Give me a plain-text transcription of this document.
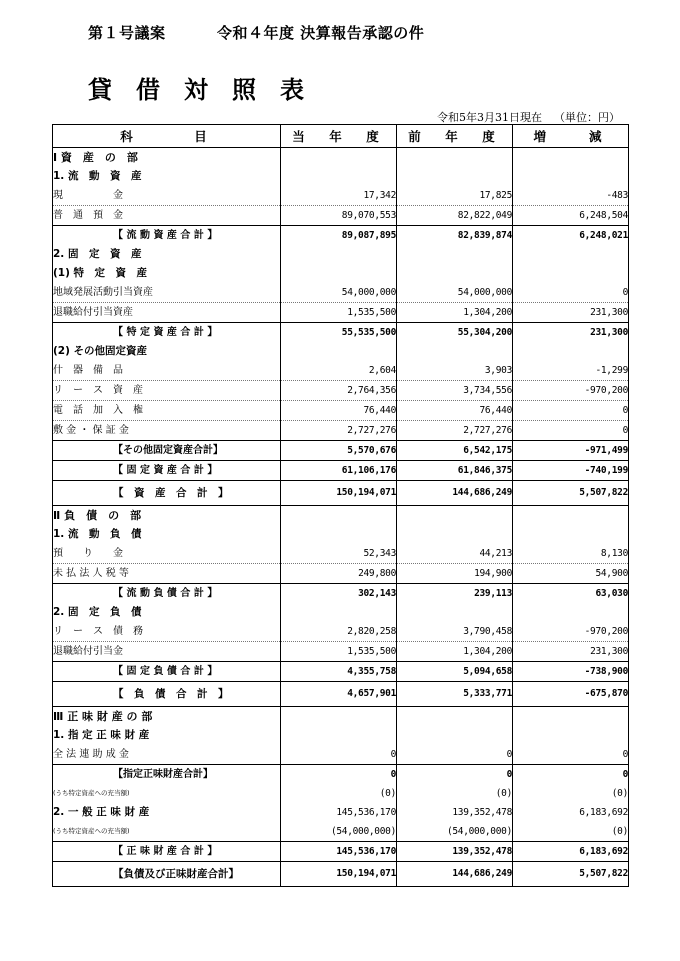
第１号議案	令和４年度 決算報告承認の件
貸 借 対 照 表
令和5年3月31日現在 （単位：円）
科　　　目	当　年　度	前　年　度	増　　減
Ⅰ 資　産　の　部			
1. 流　動　資　産			
現　　　　　金	17,342	17,825	-483
普　通　預　金	89,070,553	82,822,049	6,248,504
【 流 動 資 産 合 計 】	89,087,895	82,839,874	6,248,021
2. 固　定　資　産			
(1) 特　定　資　産			
地域発展活動引当資産	54,000,000	54,000,000	0
退職給付引当資産	1,535,500	1,304,200	231,300
【 特 定 資 産 合 計 】	55,535,500	55,304,200	231,300
(2) その他固定資産			
什　器　備　品	2,604	3,903	-1,299
リ　ー　ス　資　産	2,764,356	3,734,556	-970,200
電　話　加　入　権	76,440	76,440	0
敷 金 ・ 保 証 金	2,727,276	2,727,276	0
【その他固定資産合計】	5,570,676	6,542,175	-971,499
【 固 定 資 産 合 計 】	61,106,176	61,846,375	-740,199
【　資　産　合　計　】	150,194,071	144,686,249	5,507,822
Ⅱ 負　債　の　部			
1. 流　動　負　債			
預　　り　　金	52,343	44,213	8,130
未 払 法 人 税 等	249,800	194,900	54,900
【 流 動 負 債 合 計 】	302,143	239,113	63,030
2. 固　定　負　債			
リ　ー　ス　債　務	2,820,258	3,790,458	-970,200
退職給付引当金	1,535,500	1,304,200	231,300
【 固 定 負 債 合 計 】	4,355,758	5,094,658	-738,900
【　負　債　合　計　】	4,657,901	5,333,771	-675,870
Ⅲ 正 味 財 産 の 部			
1. 指 定 正 味 財 産			
全 法 連 助 成 金	0	0	0
【指定正味財産合計】	0	0	0
(うち特定資産への充当額)	(0)	(0)	(0)
2. 一 般 正 味 財 産	145,536,170	139,352,478	6,183,692
(うち特定資産への充当額)	(54,000,000)	(54,000,000)	(0)
【 正 味 財 産 合 計 】	145,536,170	139,352,478	6,183,692
【負債及び正味財産合計】	150,194,071	144,686,249	5,507,822
